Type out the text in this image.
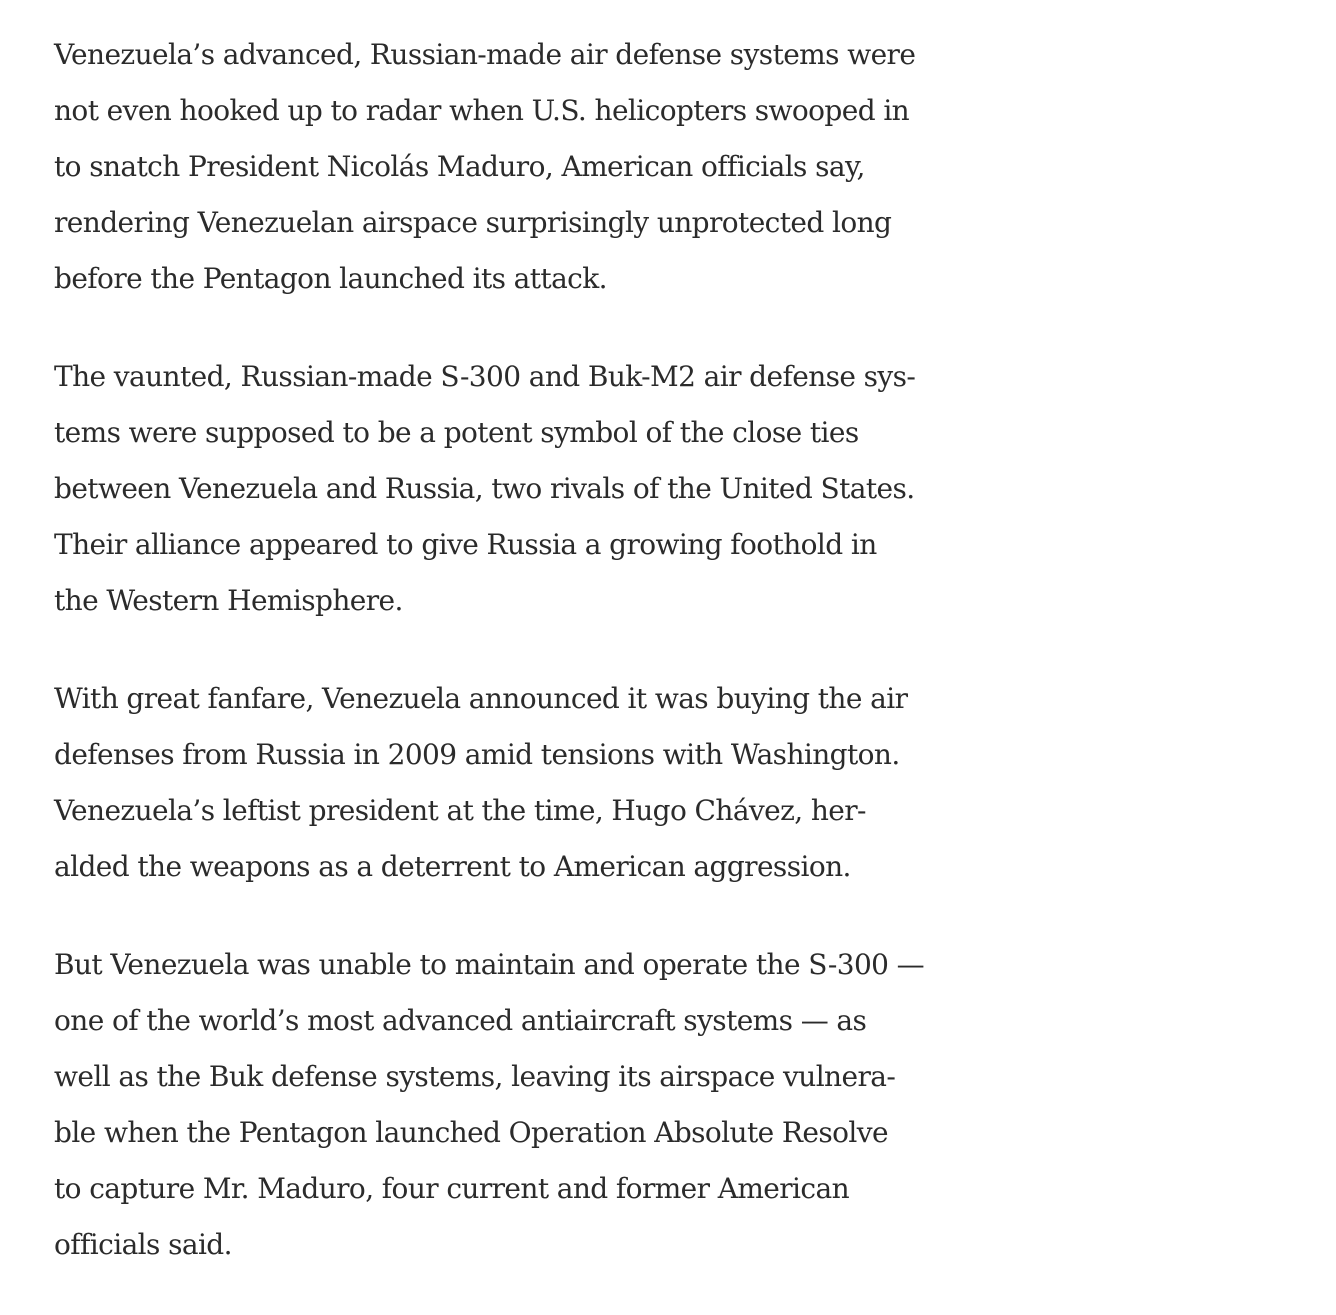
Venezuela’s advanced, Russian-made air defense systems were
not even hooked up to radar when U.S. helicopters swooped in
to snatch President Nicolás Maduro, American officials say,
rendering Venezuelan airspace surprisingly unprotected long
before the Pentagon launched its attack.

The vaunted, Russian-made S-300 and Buk-M2 air defense sys-
tems were supposed to be a potent symbol of the close ties
between Venezuela and Russia, two rivals of the United States.
Their alliance appeared to give Russia a growing foothold in
the Western Hemisphere.

With great fanfare, Venezuela announced it was buying the air
defenses from Russia in 2009 amid tensions with Washington.
Venezuela’s leftist president at the time, Hugo Chávez, her-
alded the weapons as a deterrent to American aggression.

But Venezuela was unable to maintain and operate the S-300 —
one of the world’s most advanced antiaircraft systems — as
well as the Buk defense systems, leaving its airspace vulnera-
ble when the Pentagon launched Operation Absolute Resolve
to capture Mr. Maduro, four current and former American
officials said.
